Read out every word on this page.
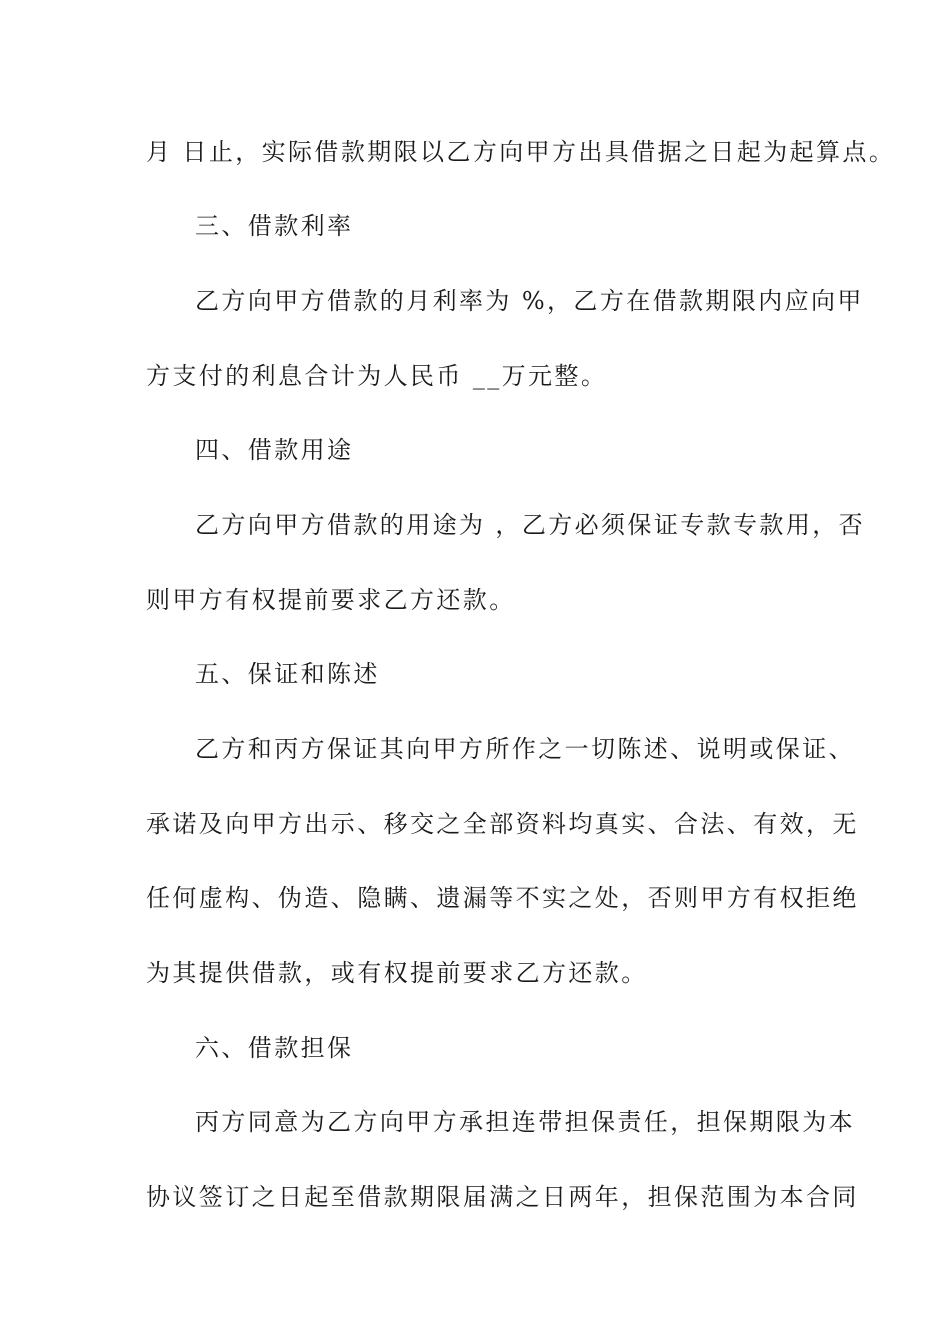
月 日止，实际借款期限以乙方向甲方出具借据之日起为起算点。
三、借款利率
乙方向甲方借款的月利率为 %，乙方在借款期限内应向甲
方支付的利息合计为人民币 __万元整。
四、借款用途
乙方向甲方借款的用途为 ，乙方必须保证专款专款用，否
则甲方有权提前要求乙方还款。
五、保证和陈述
乙方和丙方保证其向甲方所作之一切陈述、说明或保证、
承诺及向甲方出示、移交之全部资料均真实、合法、有效，无
任何虚构、伪造、隐瞒、遗漏等不实之处，否则甲方有权拒绝
为其提供借款，或有权提前要求乙方还款。
六、借款担保
丙方同意为乙方向甲方承担连带担保责任，担保期限为本
协议签订之日起至借款期限届满之日两年，担保范围为本合同
